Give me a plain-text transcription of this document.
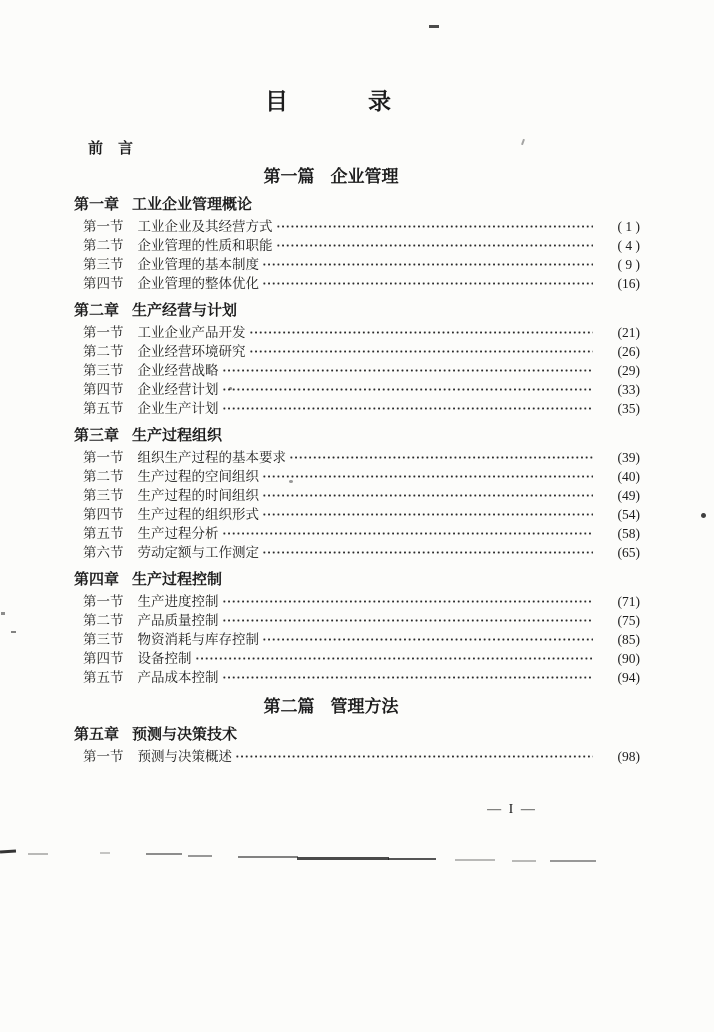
目	录
前　言
第一篇 企业管理
第一章 工业企业管理概论
第一节 工业企业及其经营方式	( 1 )
第二节 企业管理的性质和职能	( 4 )
第三节 企业管理的基本制度	( 9 )
第四节 企业管理的整体优化	(16)
第二章 生产经营与计划
第一节 工业企业产品开发	(21)
第二节 企业经营环境研究	(26)
第三节 企业经营战略	(29)
第四节 企业经营计划	(33)
第五节 企业生产计划	(35)
第三章 生产过程组织
第一节 组织生产过程的基本要求	(39)
第二节 生产过程的空间组织	(40)
第三节 生产过程的时间组织	(49)
第四节 生产过程的组织形式	(54)
第五节 生产过程分析	(58)
第六节 劳动定额与工作测定	(65)
第四章 生产过程控制
第一节 生产进度控制	(71)
第二节 产品质量控制	(75)
第三节 物资消耗与库存控制	(85)
第四节 设备控制	(90)
第五节 产品成本控制	(94)
第二篇 管理方法
第五章 预测与决策技术
第一节 预测与决策概述	(98)
— I —
